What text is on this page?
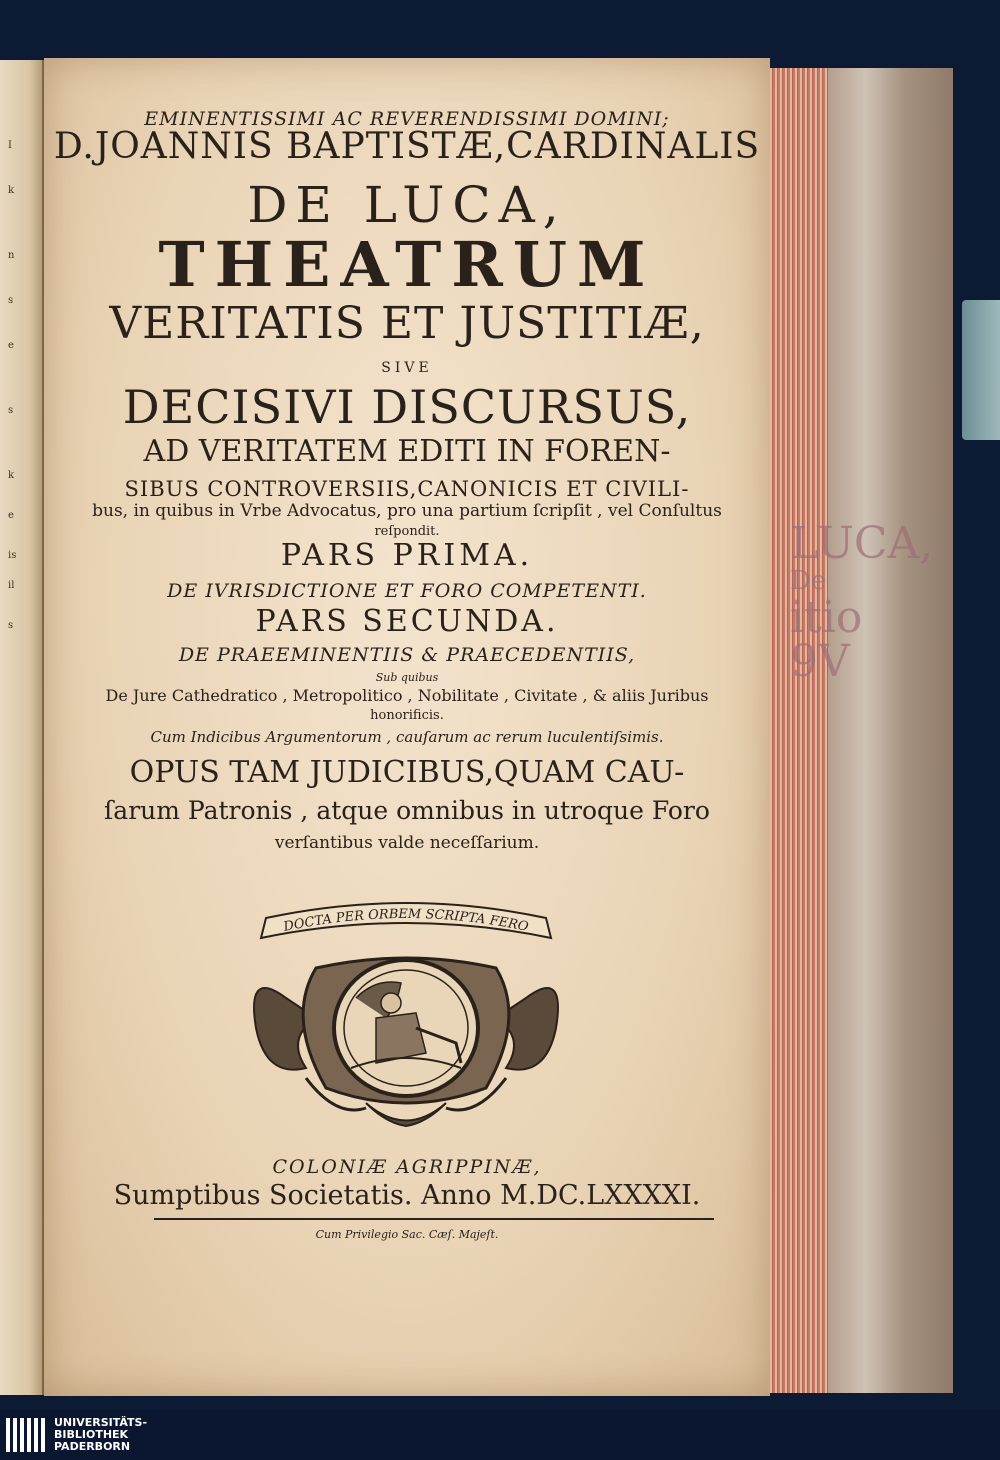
I
k
n
s
e
s
k
e
is
il
s
LUCA,
De
itio
9V
EMINENTISSIMI AC REVERENDISSIMI DOMINI;
D.JOANNIS BAPTISTÆ,CARDINALIS
DE LUCA,
THEATRUM
VERITATIS ET JUSTITIÆ,
SIVE
DECISIVI DISCURSUS,
AD VERITATEM EDITI IN FOREN-
SIBUS CONTROVERSIIS,CANONICIS ET CIVILI-
bus, in quibus in Vrbe Advocatus, pro una partium ſcripſit , vel Conſultus
reſpondit.
PARS PRIMA.
DE IVRISDICTIONE ET FORO COMPETENTI.
PARS SECUNDA.
DE PRAEEMINENTIIS & PRAECEDENTIIS,
Sub quibus
De Jure Cathedratico , Metropolitico , Nobilitate , Civitate , & aliis Juribus
honorificis.
Cum Indicibus Argumentorum , cauſarum ac rerum luculentiſsimis.
OPUS TAM JUDICIBUS,QUAM CAU-
ſarum Patronis , atque omnibus in utroque Foro
verſantibus valde neceſſarium.
DOCTA PER ORBEM SCRIPTA FERO
COLONIÆ AGRIPPINÆ,
Sumptibus Societatis. Anno M.DC.LXXXXI.
Cum Privilegio Sac. Cæſ. Majeſt.
UNIVERSITÄTS-
BIBLIOTHEK
PADERBORN
